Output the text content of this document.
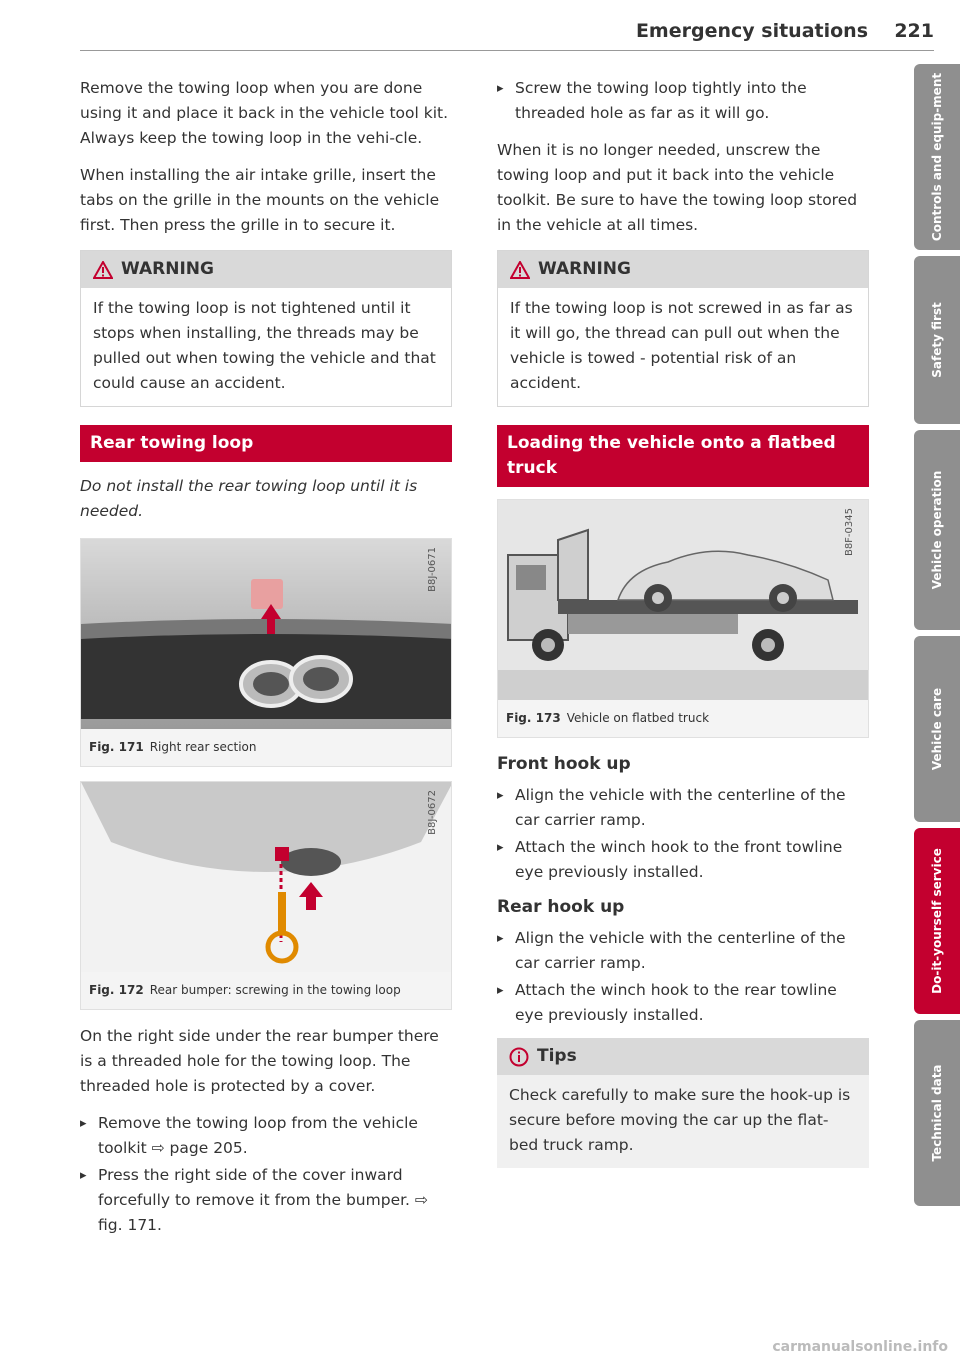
Emergency situations 221

Remove the towing loop when you are done using it and place it back in the vehicle tool kit. Always keep the towing loop in the vehi-cle.

When installing the air intake grille, insert the tabs on the grille in the mounts on the vehicle first. Then press the grille in to secure it.

WARNING
If the towing loop is not tightened until it stops when installing, the threads may be pulled out when towing the vehicle and that could cause an accident.
Rear towing loop
Do not install the rear towing loop until it is needed.
B8J-0671
Fig. 171 Right rear section
B8J-0672
Fig. 172 Rear bumper: screwing in the towing loop

On the right side under the rear bumper there is a threaded hole for the towing loop. The threaded hole is protected by a cover.

▸ Remove the towing loop from the vehicle toolkit ⇨ page 205.
▸ Press the right side of the cover inward forcefully to remove it from the bumper. ⇨ fig. 171.
▸ Screw the towing loop tightly into the threaded hole as far as it will go.

When it is no longer needed, unscrew the towing loop and put it back into the vehicle toolkit. Be sure to have the towing loop stored in the vehicle at all times.

WARNING
If the towing loop is not screwed in as far as it will go, the thread can pull out when the vehicle is towed - potential risk of an accident.
Loading the vehicle onto a flatbed truck
B8F-0345
Fig. 173 Vehicle on flatbed truck
Front hook up
▸ Align the vehicle with the centerline of the car carrier ramp.
▸ Attach the winch hook to the front towline eye previously installed.
Rear hook up
▸ Align the vehicle with the centerline of the car carrier ramp.
▸ Attach the winch hook to the rear towline eye previously installed.
Tips
Check carefully to make sure the hook-up is secure before moving the car up the flat-bed truck ramp.
Controls and equip-ment
Safety first
Vehicle operation
Vehicle care
Do-it-yourself service
Technical data
carmanualsonline.info
